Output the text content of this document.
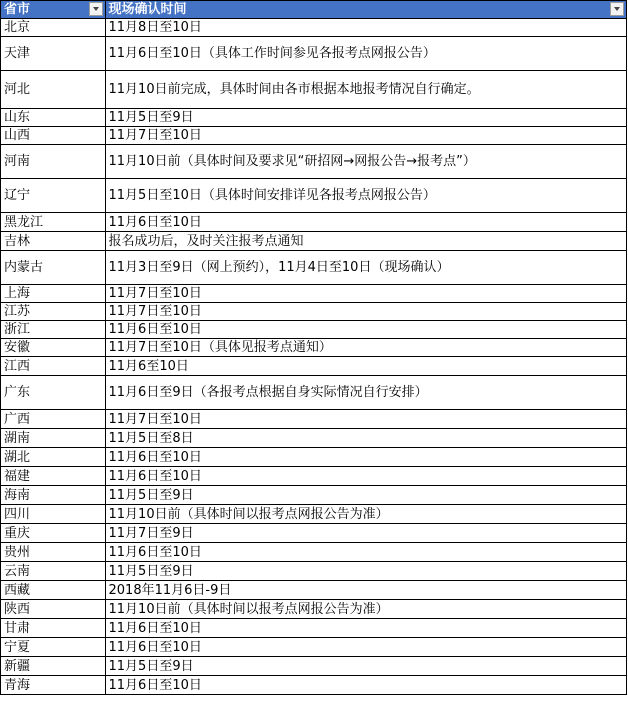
省市	现场确认时间

北京	11月8日至10日
天津	11月6日至10日（具体工作时间参见各报考点网报公告）
河北	11月10日前完成，具体时间由各市根据本地报考情况自行确定。
山东	11月5日至9日
山西	11月7日至10日
河南	11月10日前（具体时间及要求见“研招网→网报公告→报考点”）
辽宁	11月5日至10日（具体时间安排详见各报考点网报公告）
黑龙江	11月6日至10日
吉林	报名成功后，及时关注报考点通知
内蒙古	11月3日至9日（网上预约），11月4日至10日（现场确认）
上海	11月7日至10日
江苏	11月7日至10日
浙江	11月6日至10日
安徽	11月7日至10日（具体见报考点通知）
江西	11月6至10日
广东	11月6日至9日（各报考点根据自身实际情况自行安排）
广西	11月7日至10日
湖南	11月5日至8日
湖北	11月6日至10日
福建	11月6日至10日
海南	11月5日至9日
四川	11月10日前（具体时间以报考点网报公告为准）
重庆	11月7日至9日
贵州	11月6日至10日
云南	11月5日至9日
西藏	2018年11月6日-9日
陕西	11月10日前（具体时间以报考点网报公告为准）
甘肃	11月6日至10日
宁夏	11月6日至10日
新疆	11月5日至9日
青海	11月6日至10日
